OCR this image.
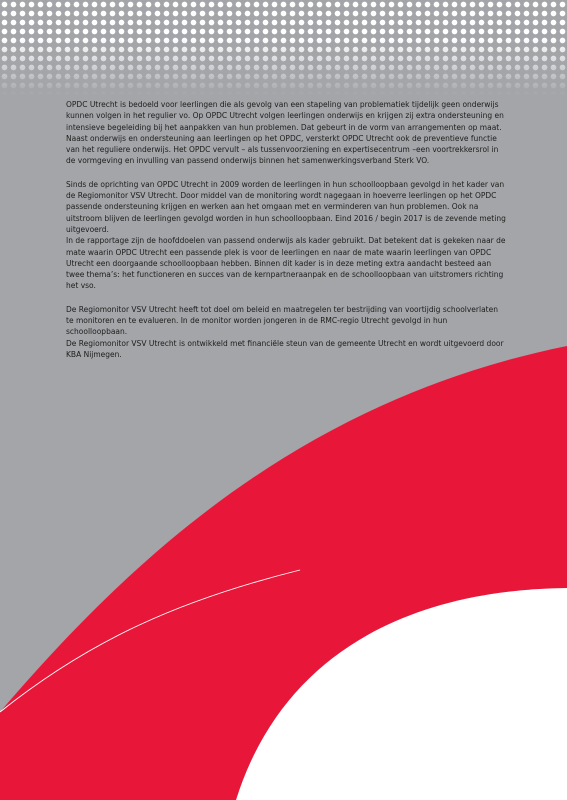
OPDC Utrecht is bedoeld voor leerlingen die als gevolg van een stapeling van problematiek tijdelijk geen onderwijs kunnen volgen in het regulier vo. Op OPDC Utrecht volgen leerlingen onderwijs en krijgen zij extra ondersteuning en intensieve begeleiding bij het aanpakken van hun problemen. Dat gebeurt in de vorm van arrangementen op maat. Naast onderwijs en ondersteuning aan leerlingen op het OPDC, versterkt OPDC Utrecht ook de preventieve functie van het reguliere onderwijs. Het OPDC vervult – als tussenvoorziening en expertisecentrum –een voortrekkersrol in de vormgeving en invulling van passend onderwijs binnen het samenwerkingsverband Sterk VO.

Sinds de oprichting van OPDC Utrecht in 2009 worden de leerlingen in hun schoolloopbaan gevolgd in het kader van de Regiomonitor VSV Utrecht. Door middel van de monitoring wordt nagegaan in hoeverre leerlingen op het OPDC passende ondersteuning krijgen en werken aan het omgaan met en verminderen van hun problemen. Ook na uitstroom blijven de leerlingen gevolgd worden in hun schoolloopbaan. Eind 2016 / begin 2017 is de zevende meting uitgevoerd.

In de rapportage zijn de hoofddoelen van passend onderwijs als kader gebruikt. Dat betekent dat is gekeken naar de mate waarin OPDC Utrecht een passende plek is voor de leerlingen en naar de mate waarin leerlingen van OPDC Utrecht een doorgaande schoolloopbaan hebben. Binnen dit kader is in deze meting extra aandacht besteed aan twee thema’s: het functioneren en succes van de kernpartneraanpak en de schoolloopbaan van uitstromers richting het vso.

De Regiomonitor VSV Utrecht heeft tot doel om beleid en maatregelen ter bestrijding van voortijdig schoolverlaten te monitoren en te evalueren. In de monitor worden jongeren in de RMC-regio Utrecht gevolgd in hun schoolloopbaan.

De Regiomonitor VSV Utrecht is ontwikkeld met financiële steun van de gemeente Utrecht en wordt uitgevoerd door KBA Nijmegen.
